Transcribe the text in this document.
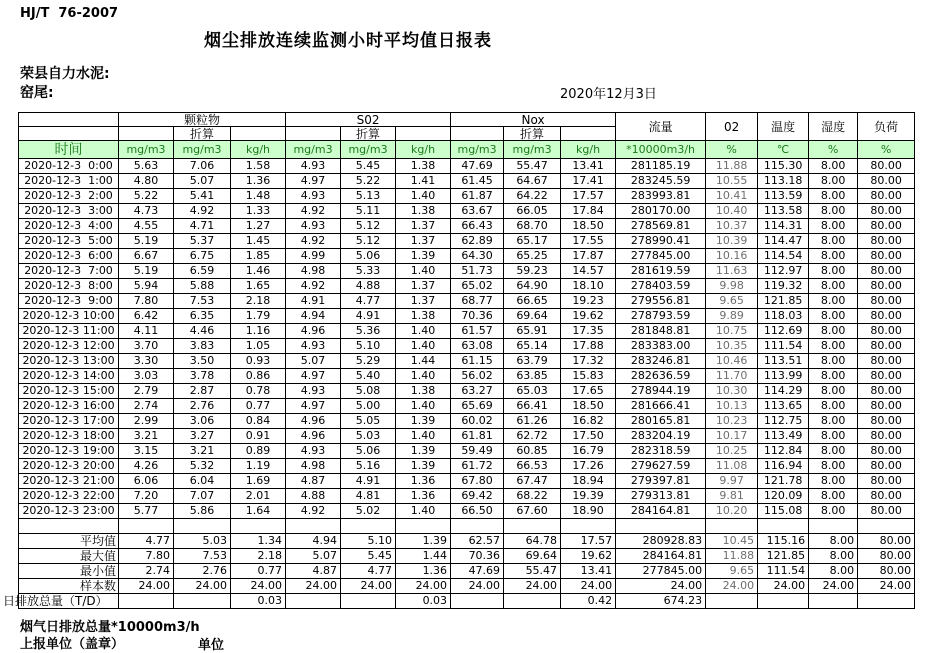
HJ/T  76-2007
烟尘排放连续监测小时平均值日报表
荣县自力水泥:
窑尾:	2020年12月3日
	颗粒物			S02			Nox			流量	02	温度	湿度	负荷
		折算			折算			折算						
时间	mg/m3	mg/m3	kg/h	mg/m3	mg/m3	kg/h	mg/m3	mg/m3	kg/h	*10000m3/h	%	℃	%	%
2020-12-3  0:00	5.63	7.06	1.58	4.93	5.45	1.38	47.69	55.47	13.41	281185.19	11.88	115.30	8.00	80.00
2020-12-3  1:00	4.80	5.07	1.36	4.97	5.22	1.41	61.45	64.67	17.41	283245.59	10.55	113.18	8.00	80.00
2020-12-3  2:00	5.22	5.41	1.48	4.93	5.13	1.40	61.87	64.22	17.57	283993.81	10.41	113.59	8.00	80.00
2020-12-3  3:00	4.73	4.92	1.33	4.92	5.11	1.38	63.67	66.05	17.84	280170.00	10.40	113.58	8.00	80.00
2020-12-3  4:00	4.55	4.71	1.27	4.93	5.12	1.37	66.43	68.70	18.50	278569.81	10.37	114.31	8.00	80.00
2020-12-3  5:00	5.19	5.37	1.45	4.92	5.12	1.37	62.89	65.17	17.55	278990.41	10.39	114.47	8.00	80.00
2020-12-3  6:00	6.67	6.75	1.85	4.99	5.06	1.39	64.30	65.25	17.87	277845.00	10.16	114.54	8.00	80.00
2020-12-3  7:00	5.19	6.59	1.46	4.98	5.33	1.40	51.73	59.23	14.57	281619.59	11.63	112.97	8.00	80.00
2020-12-3  8:00	5.94	5.88	1.65	4.92	4.88	1.37	65.02	64.90	18.10	278403.59	9.98	119.32	8.00	80.00
2020-12-3  9:00	7.80	7.53	2.18	4.91	4.77	1.37	68.77	66.65	19.23	279556.81	9.65	121.85	8.00	80.00
2020-12-3 10:00	6.42	6.35	1.79	4.94	4.91	1.38	70.36	69.64	19.62	278793.59	9.89	118.03	8.00	80.00
2020-12-3 11:00	4.11	4.46	1.16	4.96	5.36	1.40	61.57	65.91	17.35	281848.81	10.75	112.69	8.00	80.00
2020-12-3 12:00	3.70	3.83	1.05	4.93	5.10	1.40	63.08	65.14	17.88	283383.00	10.35	111.54	8.00	80.00
2020-12-3 13:00	3.30	3.50	0.93	5.07	5.29	1.44	61.15	63.79	17.32	283246.81	10.46	113.51	8.00	80.00
2020-12-3 14:00	3.03	3.78	0.86	4.97	5.40	1.40	56.02	63.85	15.83	282636.59	11.70	113.99	8.00	80.00
2020-12-3 15:00	2.79	2.87	0.78	4.93	5.08	1.38	63.27	65.03	17.65	278944.19	10.30	114.29	8.00	80.00
2020-12-3 16:00	2.74	2.76	0.77	4.97	5.00	1.40	65.69	66.41	18.50	281666.41	10.13	113.65	8.00	80.00
2020-12-3 17:00	2.99	3.06	0.84	4.96	5.05	1.39	60.02	61.26	16.82	280165.81	10.23	112.75	8.00	80.00
2020-12-3 18:00	3.21	3.27	0.91	4.96	5.03	1.40	61.81	62.72	17.50	283204.19	10.17	113.49	8.00	80.00
2020-12-3 19:00	3.15	3.21	0.89	4.93	5.06	1.39	59.49	60.85	16.79	282318.59	10.25	112.84	8.00	80.00
2020-12-3 20:00	4.26	5.32	1.19	4.98	5.16	1.39	61.72	66.53	17.26	279627.59	11.08	116.94	8.00	80.00
2020-12-3 21:00	6.06	6.04	1.69	4.87	4.91	1.36	67.80	67.47	18.94	279397.81	9.97	121.78	8.00	80.00
2020-12-3 22:00	7.20	7.07	2.01	4.88	4.81	1.36	69.42	68.22	19.39	279313.81	9.81	120.09	8.00	80.00
2020-12-3 23:00	5.77	5.86	1.64	4.92	5.02	1.40	66.50	67.60	18.90	284164.81	10.20	115.08	8.00	80.00

平均值	4.77	5.03	1.34	4.94	5.10	1.39	62.57	64.78	17.57	280928.83	10.45	115.16	8.00	80.00
最大值	7.80	7.53	2.18	5.07	5.45	1.44	70.36	69.64	19.62	284164.81	11.88	121.85	8.00	80.00
最小值	2.74	2.76	0.77	4.87	4.77	1.36	47.69	55.47	13.41	277845.00	9.65	111.54	8.00	80.00
样本数	24.00	24.00	24.00	24.00	24.00	24.00	24.00	24.00	24.00	24.00	24.00	24.00	24.00	24.00
日排放总量（T/D）			0.03			0.03			0.42	674.23				
烟气日排放总量*10000m3/h
上报单位（盖章）	单位
